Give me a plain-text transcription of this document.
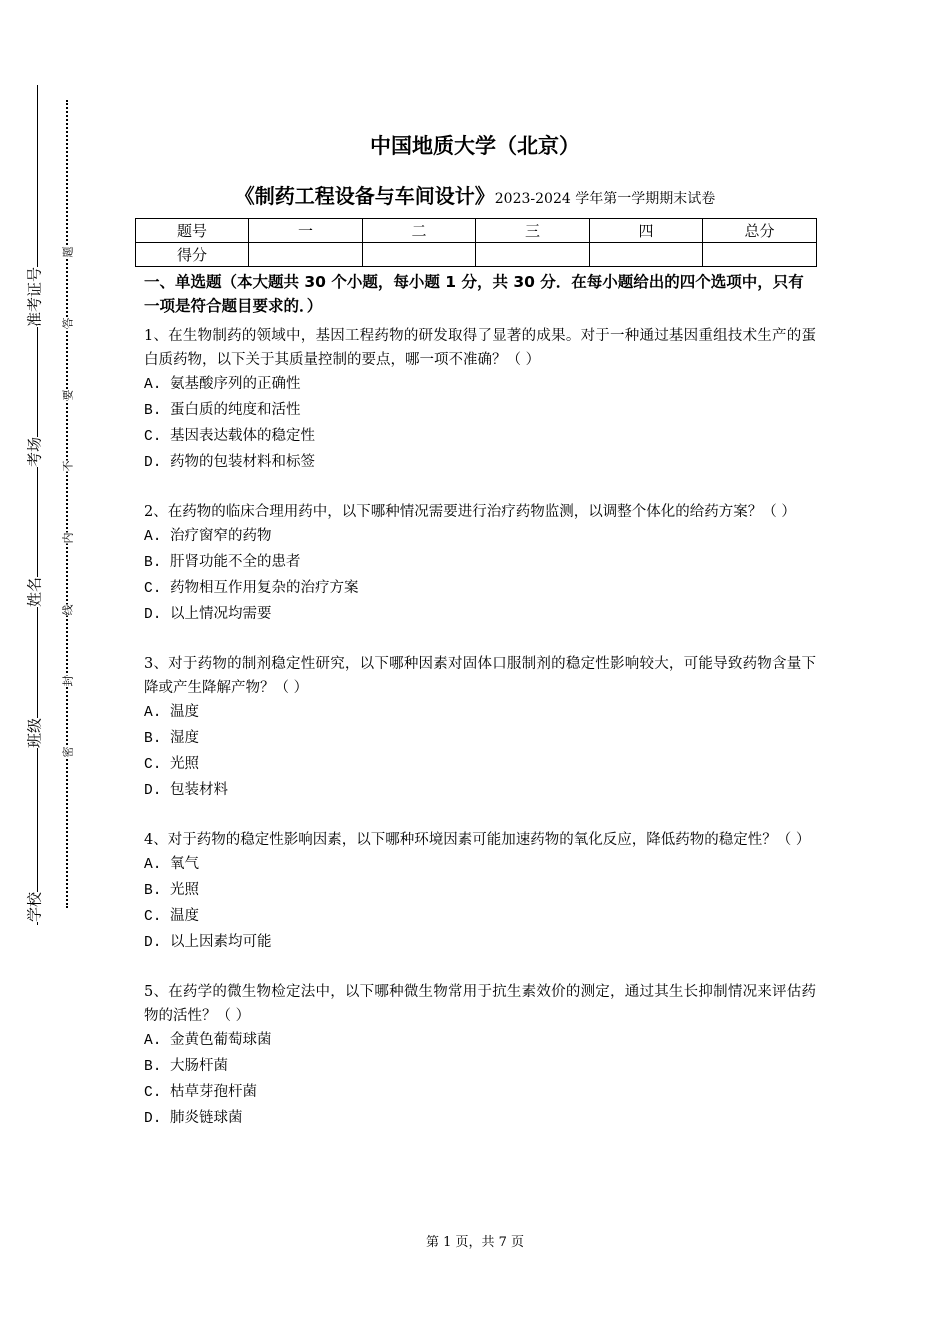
准考证号
考场
姓名
班级
学校
题
答
要
不
内
线
封
密
中国地质大学（北京）
《制药工程设备与车间设计》2023-2024 学年第一学期期末试卷
题号	一	二	三	四	总分
得分					
一、单选题（本大题共 30 个小题，每小题 1 分，共 30 分．在每小题给出的四个选项中，只有一项是符合题目要求的．）
1、在生物制药的领域中，基因工程药物的研发取得了显著的成果。对于一种通过基因重组技术生产的蛋白质药物，以下关于其质量控制的要点，哪一项不准确？（ ）
A. 氨基酸序列的正确性
B. 蛋白质的纯度和活性
C. 基因表达载体的稳定性
D. 药物的包装材料和标签
2、在药物的临床合理用药中，以下哪种情况需要进行治疗药物监测，以调整个体化的给药方案？（ ）
A. 治疗窗窄的药物
B. 肝肾功能不全的患者
C. 药物相互作用复杂的治疗方案
D. 以上情况均需要
3、对于药物的制剂稳定性研究，以下哪种因素对固体口服制剂的稳定性影响较大，可能导致药物含量下降或产生降解产物？（ ）
A. 温度
B. 湿度
C. 光照
D. 包装材料
4、对于药物的稳定性影响因素，以下哪种环境因素可能加速药物的氧化反应，降低药物的稳定性？（ ）
A. 氧气
B. 光照
C. 温度
D. 以上因素均可能
5、在药学的微生物检定法中，以下哪种微生物常用于抗生素效价的测定，通过其生长抑制情况来评估药物的活性？（ ）
A. 金黄色葡萄球菌
B. 大肠杆菌
C. 枯草芽孢杆菌
D. 肺炎链球菌
第 1 页，共 7 页
